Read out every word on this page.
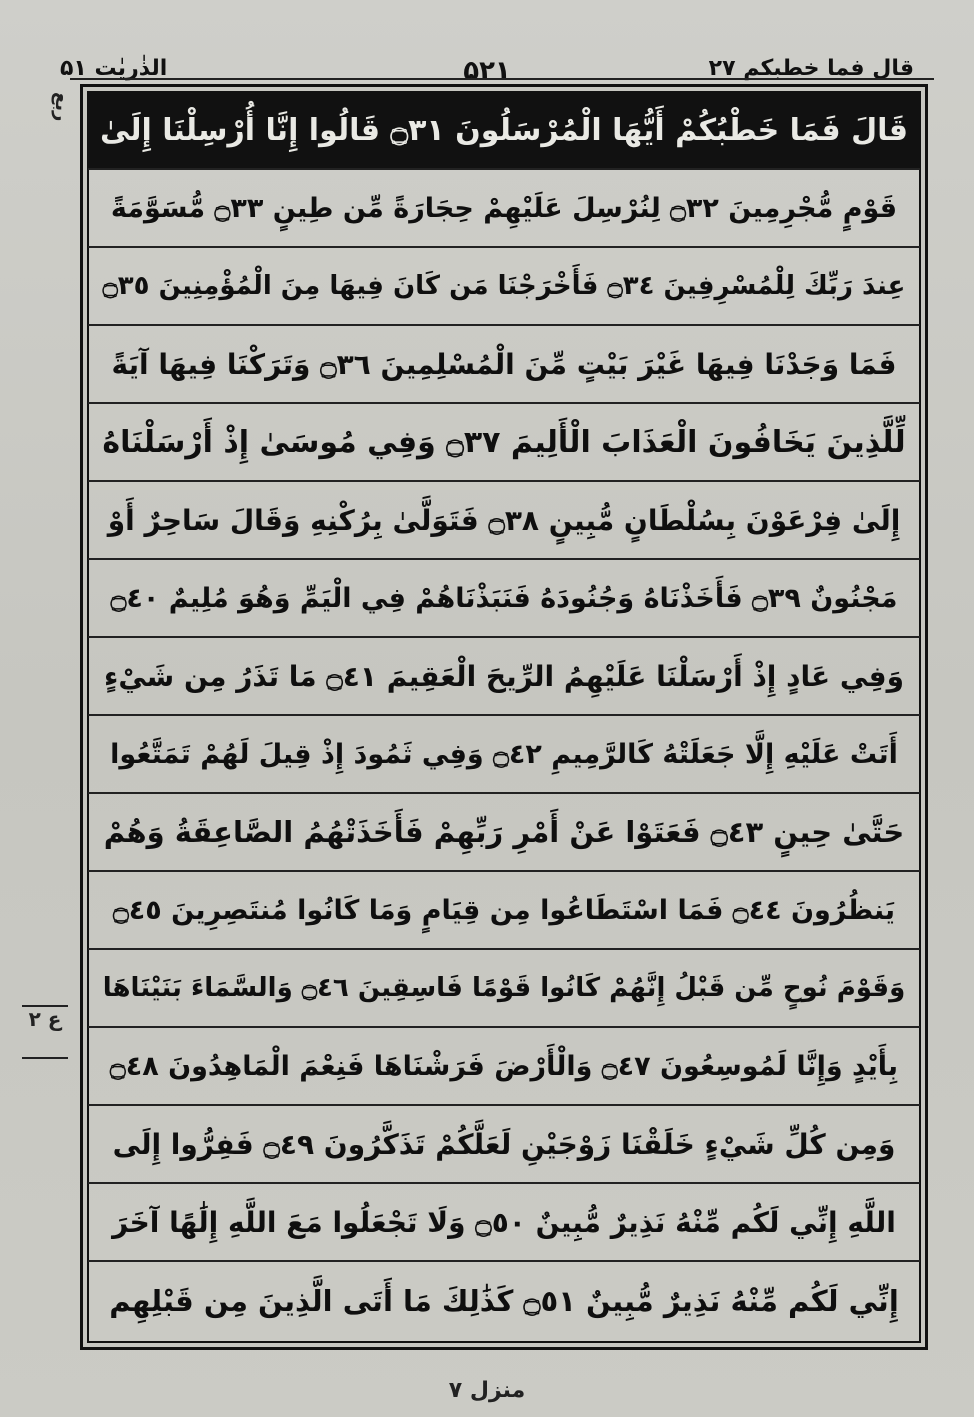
قال فما خطبکم ۲۷
۵۲۱
الذٰریٰت ۵۱
ربع
ع ۲
قَالَ فَمَا خَطْبُكُمْ أَيُّهَا الْمُرْسَلُونَ ۝٣١ قَالُوا إِنَّا أُرْسِلْنَا إِلَىٰ
قَوْمٍ مُّجْرِمِينَ ۝٣٢ لِنُرْسِلَ عَلَيْهِمْ حِجَارَةً مِّن طِينٍ ۝٣٣ مُّسَوَّمَةً
عِندَ رَبِّكَ لِلْمُسْرِفِينَ ۝٣٤ فَأَخْرَجْنَا مَن كَانَ فِيهَا مِنَ الْمُؤْمِنِينَ ۝٣٥
فَمَا وَجَدْنَا فِيهَا غَيْرَ بَيْتٍ مِّنَ الْمُسْلِمِينَ ۝٣٦ وَتَرَكْنَا فِيهَا آيَةً
لِّلَّذِينَ يَخَافُونَ الْعَذَابَ الْأَلِيمَ ۝٣٧ وَفِي مُوسَىٰ إِذْ أَرْسَلْنَاهُ
إِلَىٰ فِرْعَوْنَ بِسُلْطَانٍ مُّبِينٍ ۝٣٨ فَتَوَلَّىٰ بِرُكْنِهِ وَقَالَ سَاحِرٌ أَوْ
مَجْنُونٌ ۝٣٩ فَأَخَذْنَاهُ وَجُنُودَهُ فَنَبَذْنَاهُمْ فِي الْيَمِّ وَهُوَ مُلِيمٌ ۝٤٠
وَفِي عَادٍ إِذْ أَرْسَلْنَا عَلَيْهِمُ الرِّيحَ الْعَقِيمَ ۝٤١ مَا تَذَرُ مِن شَيْءٍ
أَتَتْ عَلَيْهِ إِلَّا جَعَلَتْهُ كَالرَّمِيمِ ۝٤٢ وَفِي ثَمُودَ إِذْ قِيلَ لَهُمْ تَمَتَّعُوا
حَتَّىٰ حِينٍ ۝٤٣ فَعَتَوْا عَنْ أَمْرِ رَبِّهِمْ فَأَخَذَتْهُمُ الصَّاعِقَةُ وَهُمْ
يَنظُرُونَ ۝٤٤ فَمَا اسْتَطَاعُوا مِن قِيَامٍ وَمَا كَانُوا مُنتَصِرِينَ ۝٤٥
وَقَوْمَ نُوحٍ مِّن قَبْلُ إِنَّهُمْ كَانُوا قَوْمًا فَاسِقِينَ ۝٤٦ وَالسَّمَاءَ بَنَيْنَاهَا
بِأَيْدٍ وَإِنَّا لَمُوسِعُونَ ۝٤٧ وَالْأَرْضَ فَرَشْنَاهَا فَنِعْمَ الْمَاهِدُونَ ۝٤٨
وَمِن كُلِّ شَيْءٍ خَلَقْنَا زَوْجَيْنِ لَعَلَّكُمْ تَذَكَّرُونَ ۝٤٩ فَفِرُّوا إِلَى
اللَّهِ إِنِّي لَكُم مِّنْهُ نَذِيرٌ مُّبِينٌ ۝٥٠ وَلَا تَجْعَلُوا مَعَ اللَّهِ إِلَٰهًا آخَرَ
إِنِّي لَكُم مِّنْهُ نَذِيرٌ مُّبِينٌ ۝٥١ كَذَٰلِكَ مَا أَتَى الَّذِينَ مِن قَبْلِهِم
منزل ۷
